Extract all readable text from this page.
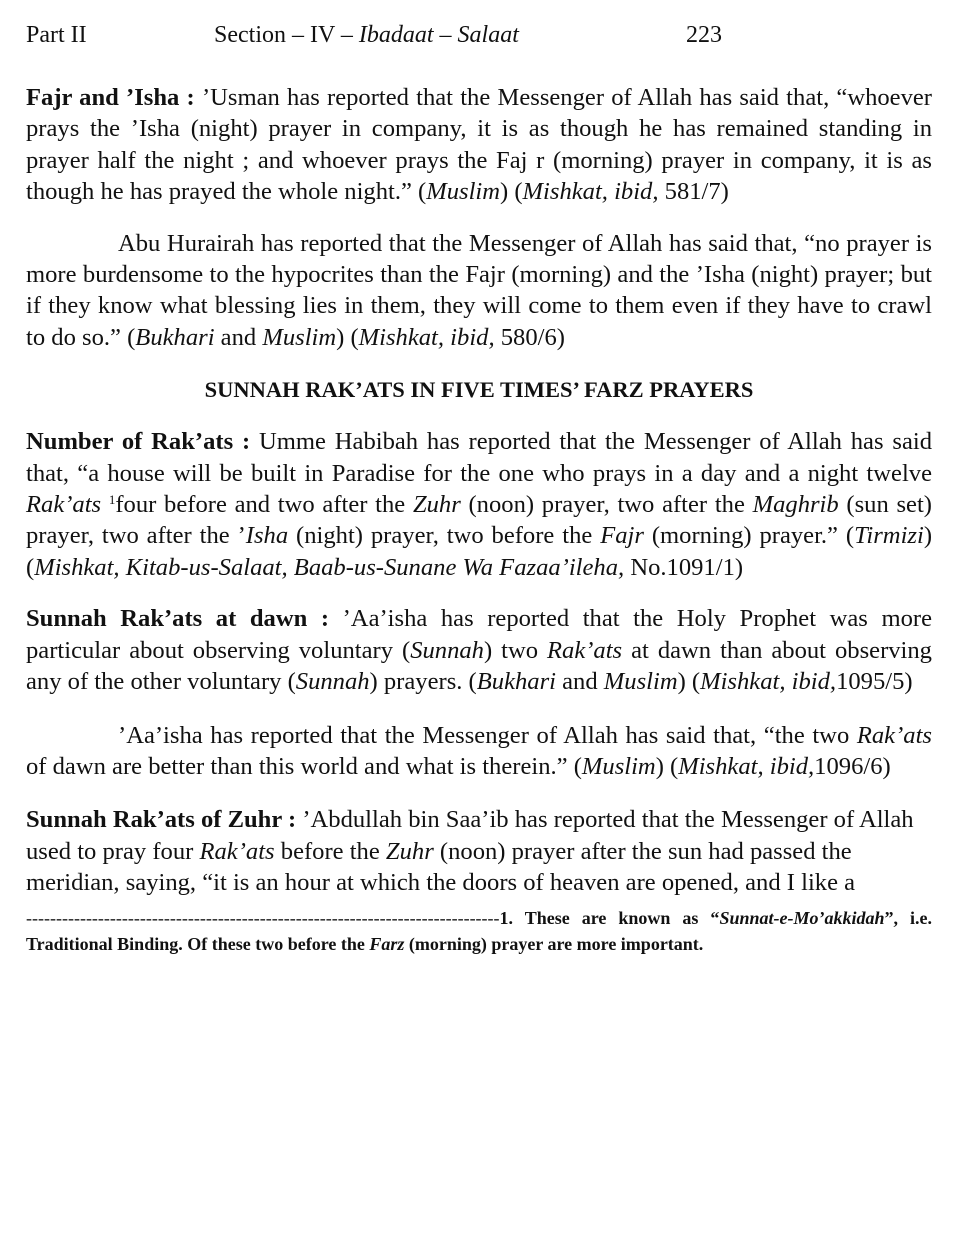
Part II	Section – IV – Ibadaat – Salaat	223

Fajr and ’Isha : ’Usman has reported that the Messenger of Allah has said that, “whoever prays the ’Isha (night) prayer in company, it is as though he has remained standing in prayer half the night ; and whoever prays the Faj r (morning) prayer in company, it is as though he has prayed the whole night.” (Muslim) (Mishkat, ibid, 581/7)

Abu Hurairah has reported that the Messenger of Allah has said that, “no prayer is more burdensome to the hypocrites than the Fajr (morning) and the ’Isha (night) prayer; but if they know what blessing lies in them, they will come to them even if they have to crawl to do so.” (Bukhari and Muslim) (Mishkat, ibid, 580/6)

SUNNAH RAK’ATS IN FIVE TIMES’ FARZ PRAYERS

Number of Rak’ats : Umme Habibah has reported that the Messenger of Allah has said that, “a house will be built in Paradise for the one who prays in a day and a night twelve Rak’ats $^1$four before and two after the Zuhr (noon) prayer, two after the Maghrib (sun set) prayer, two after the ’Isha (night) prayer, two before the Fajr (morning) prayer.” (Tirmizi) (Mishkat, Kitab-us-Salaat, Baab-us-Sunane Wa Fazaa’ileha, No.1091/1)

Sunnah Rak’ats at dawn : ’Aa’isha has reported that the Holy Prophet was more particular about observing voluntary (Sunnah) two Rak’ats at dawn than about observing any of the other voluntary (Sunnah) prayers. (Bukhari and Muslim) (Mishkat, ibid,1095/5)

’Aa’isha has reported that the Messenger of Allah has said that, “the two Rak’ats of dawn are better than this world and what is therein.” (Muslim) (Mishkat, ibid,1096/6)

Sunnah Rak’ats of Zuhr : ’Abdullah bin Saa’ib has reported that the Messenger of Allah used to pray four Rak’ats before the Zuhr (noon) prayer after the sun had passed the meridian, saying, “it is an hour at which the doors of heaven are opened, and I like a

-------------------------------------------------------------------------------1. These are known as “Sunnat-e-Mo’akkidah”, i.e. Traditional Binding. Of these two before the Farz (morning) prayer are more important.
